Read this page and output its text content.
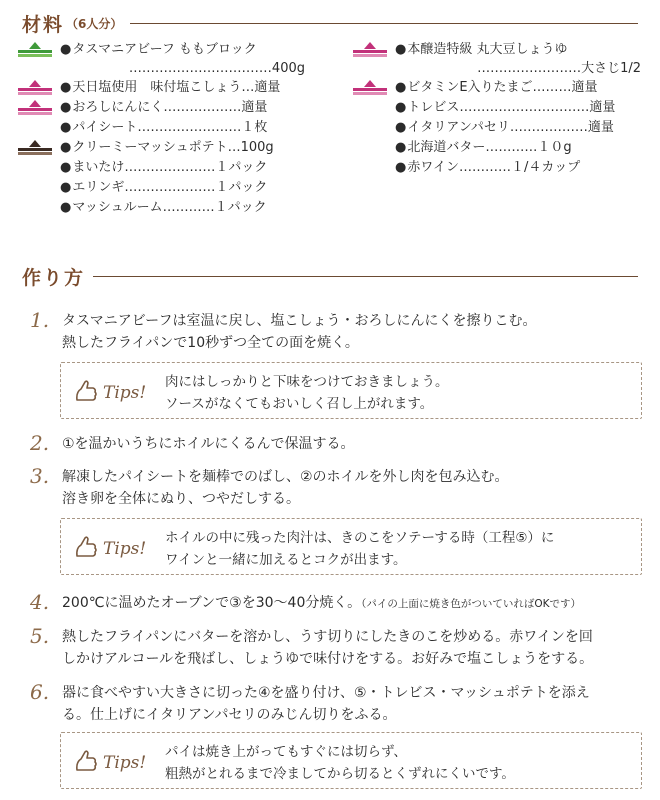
材料 （6人分）
● タスマニアビーフ ももブロック
……………………………400g
● 天日塩使用　味付塩こしょう…適量
● おろしにんにく………………適量
● パイシート……………………１枚
● クリーミーマッシュポテト…100g
● まいたけ…………………１パック
● エリンギ…………………１パック
● マッシュルーム…………１パック
● 本醸造特級 丸大豆しょうゆ
……………………大さじ1/2
● ビタミンE入りたまご………適量
● トレビス…………………………適量
● イタリアンパセリ………………適量
● 北海道バター…………１０g
● 赤ワイン…………１/４カップ
作り方
1. タスマニアビーフは室温に戻し、塩こしょう・おろしにんにくを擦りこむ。
熱したフライパンで10秒ずつ全ての面を焼く。
Tips!
肉にはしっかりと下味をつけておきましょう。
ソースがなくてもおいしく召し上がれます。
2. ①を温かいうちにホイルにくるんで保温する。
3. 解凍したパイシートを麺棒でのばし、②のホイルを外し肉を包み込む。
溶き卵を全体にぬり、つやだしする。
Tips!
ホイルの中に残った肉汁は、きのこをソテーする時（工程⑤）に
ワインと一緒に加えるとコクが出ます。
4. 200℃に温めたオーブンで③を30～40分焼く。（パイの上面に焼き色がついていればOKです）
5. 熱したフライパンにバターを溶かし、うす切りにしたきのこを炒める。赤ワインを回
しかけアルコールを飛ばし、しょうゆで味付けをする。お好みで塩こしょうをする。
6. 器に食べやすい大きさに切った④を盛り付け、⑤・トレビス・マッシュポテトを添え
る。仕上げにイタリアンパセリのみじん切りをふる。
Tips!
パイは焼き上がってもすぐには切らず、
粗熱がとれるまで冷ましてから切るとくずれにくいです。
